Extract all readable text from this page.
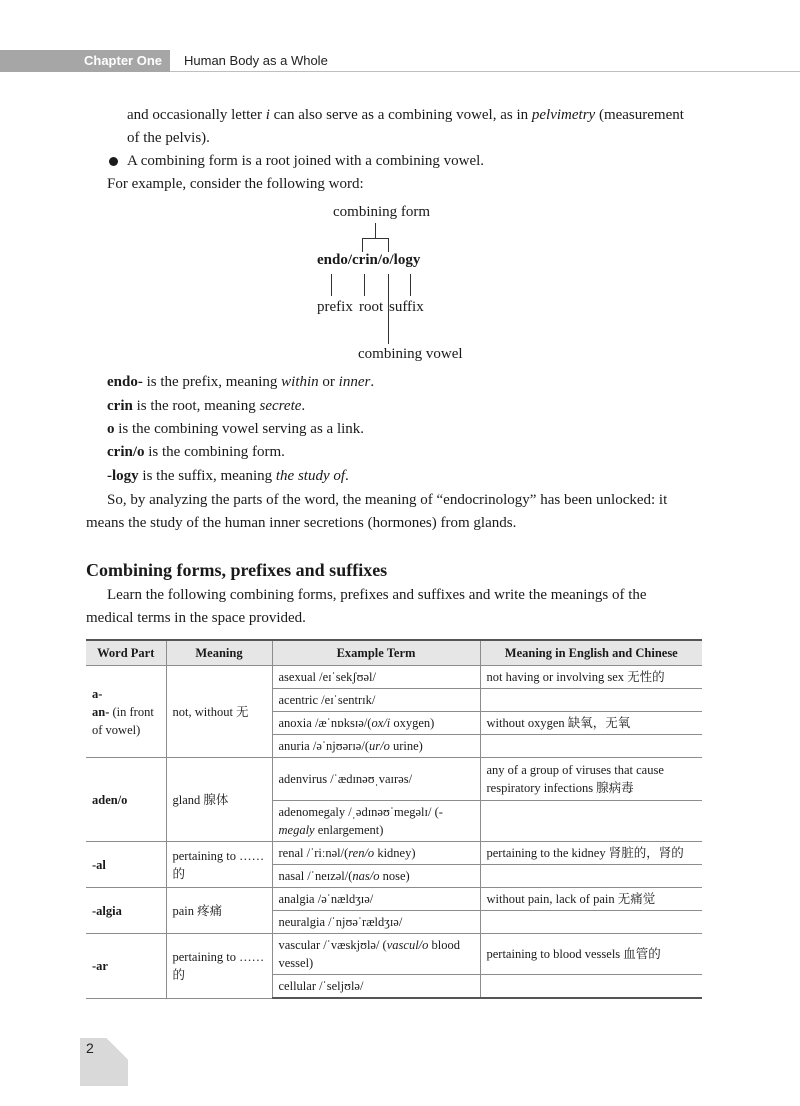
Chapter One	Human Body as a Whole
and occasionally letter i can also serve as a combining vowel, as in pelvimetry (measurement
of the pelvis).
A combining form is a root joined with a combining vowel.
For example, consider the following word:
combining form
endo/crin/o/logy
prefix root suffix
combining vowel
endo- is the prefix, meaning within or inner.
crin is the root, meaning secrete.
o is the combining vowel serving as a link.
crin/o is the combining form.
-logy is the suffix, meaning the study of.
So, by analyzing the parts of the word, the meaning of “endocrinology” has been unlocked: it
means the study of the human inner secretions (hormones) from glands.
Combining forms, prefixes and suffixes
Learn the following combining forms, prefixes and suffixes and write the meanings of the
medical terms in the space provided.
Word Part	Meaning	Example Term	Meaning in English and Chinese
a-
an- (in front of vowel)	not, without 无	asexual /eɪˈsekʃʊəl/	not having or involving sex 无性的
		acentric /eɪˈsentrɪk/	
		anoxia /æˈnɒksɪə/(ox/i oxygen)	without oxygen 缺氧，无氧
		anuria /əˈnjʊərɪə/(ur/o urine)	
aden/o	gland 腺体	adenvirus /ˈædɪnəʊˌvaɪrəs/	any of a group of viruses that cause respiratory infections 腺病毒
		adenomegaly /ˌədɪnəʊˈmegəlɪ/ (-megaly enlargement)	
-al	pertaining to ……的	renal /ˈriːnəl/(ren/o kidney)	pertaining to the kidney 肾脏的，肾的
		nasal /ˈneɪzəl/(nas/o nose)	
-algia	pain 疼痛	analgia /əˈnældʒɪə/	without pain, lack of pain 无痛觉
		neuralgia /ˈnjʊəˈrældʒɪə/	
-ar	pertaining to ……的	vascular /ˈvæskjʊlə/ (vascul/o blood vessel)	pertaining to blood vessels 血管的
		cellular /ˈseljʊlə/	
2
